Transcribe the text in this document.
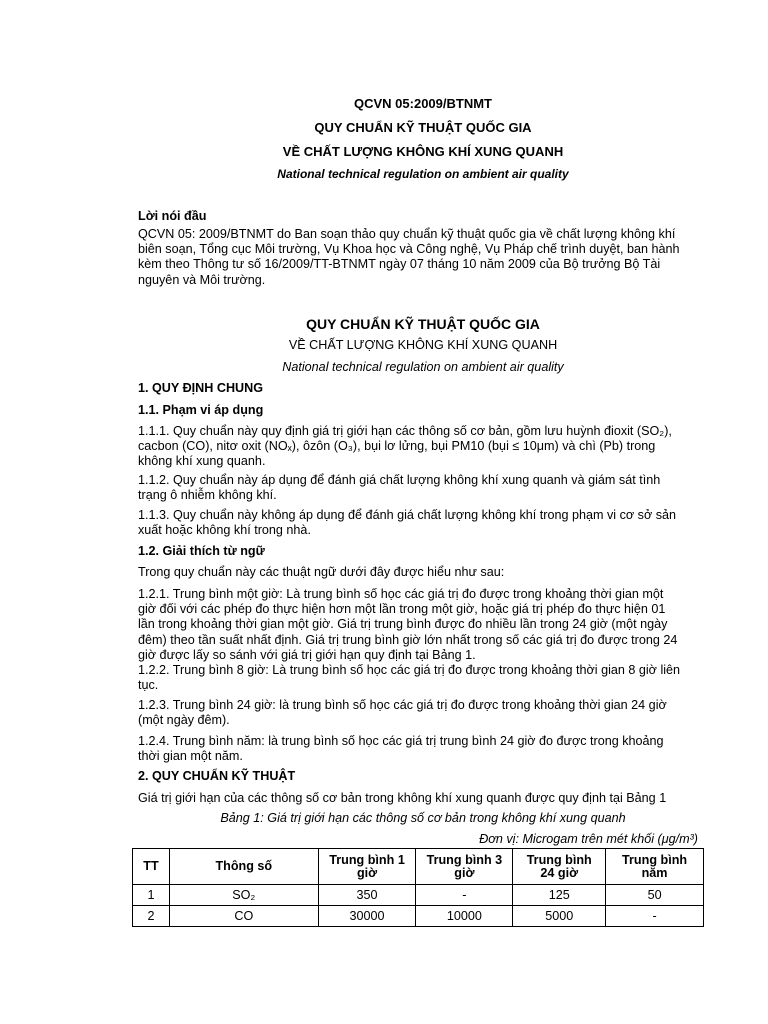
QCVN 05:2009/BTNMT
QUY CHUẨN KỸ THUẬT QUỐC GIA
VỀ CHẤT LƯỢNG KHÔNG KHÍ XUNG QUANH
National technical regulation on ambient air quality
Lời nói đầu

QCVN 05: 2009/BTNMT do Ban soạn thảo quy chuẩn kỹ thuật quốc gia về chất lượng không khí

biên soạn, Tổng cục Môi trường, Vụ Khoa học và Công nghệ, Vụ Pháp chế trình duyệt, ban hành

kèm theo Thông tư số 16/2009/TT-BTNMT ngày 07 tháng 10 năm 2009 của Bộ trưởng Bộ Tài

nguyên và Môi trường.

QUY CHUẨN KỸ THUẬT QUỐC GIA
VỀ CHẤT LƯỢNG KHÔNG KHÍ XUNG QUANH
National technical regulation on ambient air quality
1. QUY ĐỊNH CHUNG
1.1. Phạm vi áp dụng

1.1.1. Quy chuẩn này quy định giá trị giới hạn các thông số cơ bản, gồm lưu huỳnh đioxit (SO₂),

cacbon (CO), nitơ oxit (NOₓ), ôzôn (O₃), bụi lơ lửng, bụi PM10 (bụi ≤ 10μm) và chì (Pb) trong

không khí xung quanh.

1.1.2. Quy chuẩn này áp dụng để đánh giá chất lượng không khí xung quanh và giám sát tình

trạng ô nhiễm không khí.

1.1.3. Quy chuẩn này không áp dụng để đánh giá chất lượng không khí trong phạm vi cơ sở sản

xuất hoặc không khí trong nhà.

1.2. Giải thích từ ngữ
Trong quy chuẩn này các thuật ngữ dưới đây được hiểu như sau:

1.2.1. Trung bình một giờ: Là trung bình số học các giá trị đo được trong khoảng thời gian một

giờ đối với các phép đo thực hiện hơn một lần trong một giờ, hoặc giá trị phép đo thực hiện 01

lần trong khoảng thời gian một giờ. Giá trị trung bình được đo nhiều lần trong 24 giờ (một ngày

đêm) theo tần suất nhất định. Giá trị trung bình giờ lớn nhất trong số các giá trị đo được trong 24

giờ được lấy so sánh với giá trị giới hạn quy định tại Bảng 1.

1.2.2. Trung bình 8 giờ: Là trung bình số học các giá trị đo được trong khoảng thời gian 8 giờ liên

tục.

1.2.3. Trung bình 24 giờ: là trung bình số học các giá trị đo được trong khoảng thời gian 24 giờ

(một ngày đêm).

1.2.4. Trung bình năm: là trung bình số học các giá trị trung bình 24 giờ đo được trong khoảng

thời gian một năm.

2. QUY CHUẨN KỸ THUẬT
Giá trị giới hạn của các thông số cơ bản trong không khí xung quanh được quy định tại Bảng 1
Bảng 1: Giá trị giới hạn các thông số cơ bản trong không khí xung quanh
Đơn vị: Microgam trên mét khối (μg/m³)
TT	Thông số	Trung bình 1
giờ	Trung bình 3
giờ	Trung bình
24 giờ	Trung bình
năm
1	SO₂	350	-	125	50
2	CO	30000	10000	5000	-
